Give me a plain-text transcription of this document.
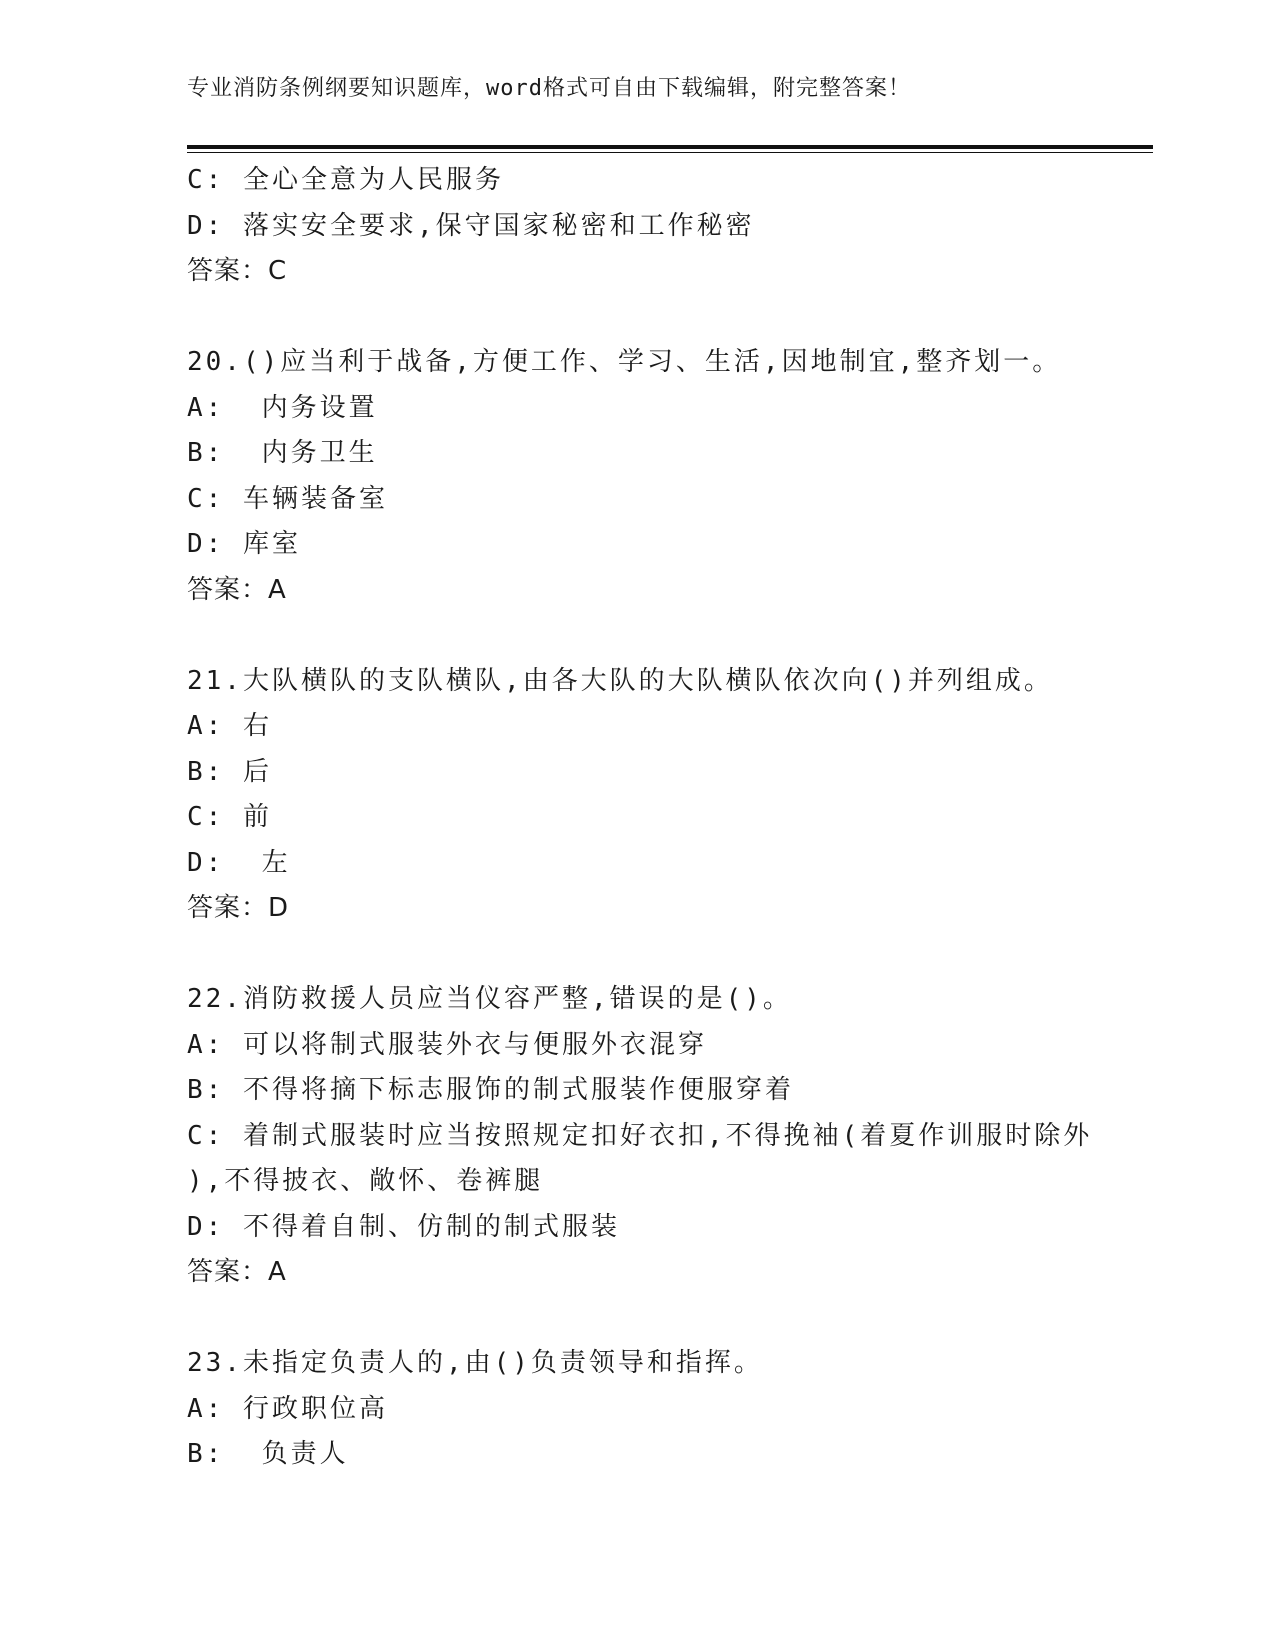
专业消防条例纲要知识题库，word格式可自由下载编辑，附完整答案！
C: 全心全意为人民服务
D: 落实安全要求,保守国家秘密和工作秘密
答案：C
20.()应当利于战备,方便工作、学习、生活,因地制宜,整齐划一。
A:  内务设置
B:  内务卫生
C: 车辆装备室
D: 库室
答案：A
21.大队横队的支队横队,由各大队的大队横队依次向()并列组成。
A: 右
B: 后
C: 前
D:  左
答案：D
22.消防救援人员应当仪容严整,错误的是()。
A: 可以将制式服装外衣与便服外衣混穿
B: 不得将摘下标志服饰的制式服装作便服穿着
C: 着制式服装时应当按照规定扣好衣扣,不得挽袖(着夏作训服时除外
),不得披衣、敞怀、卷裤腿
D: 不得着自制、仿制的制式服装
答案：A
23.未指定负责人的,由()负责领导和指挥。
A: 行政职位高
B:  负责人
